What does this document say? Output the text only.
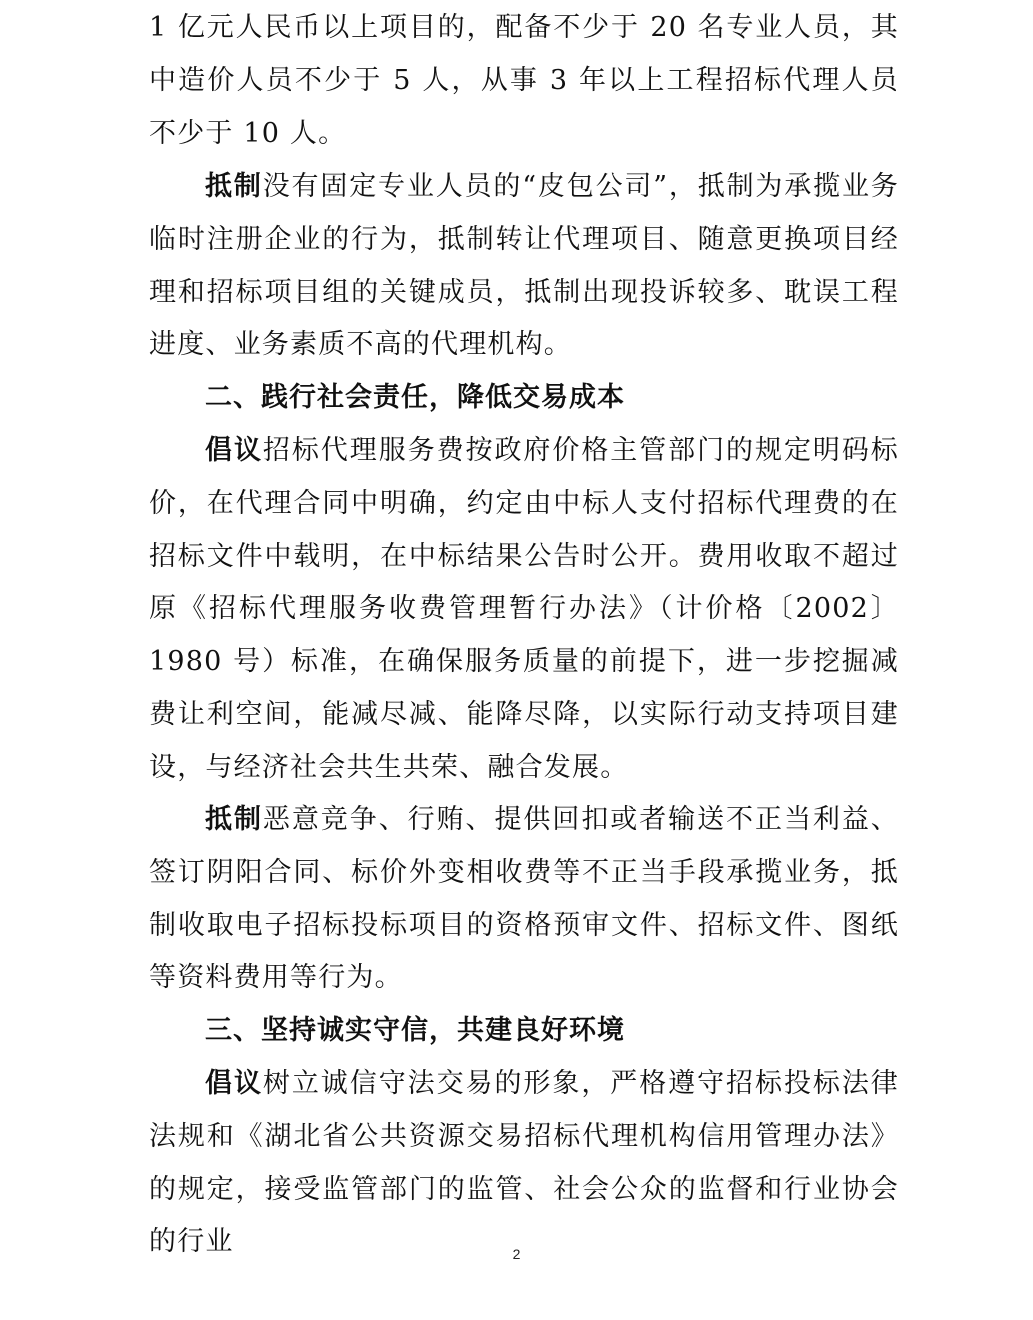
1 亿元人民币以上项目的，配备不少于 20 名专业人员，其中造价人员不少于 5 人，从事 3 年以上工程招标代理人员不少于 10 人。

抵制没有固定专业人员的“皮包公司”，抵制为承揽业务临时注册企业的行为，抵制转让代理项目、随意更换项目经理和招标项目组的关键成员，抵制出现投诉较多、耽误工程进度、业务素质不高的代理机构。

二、践行社会责任，降低交易成本

倡议招标代理服务费按政府价格主管部门的规定明码标价，在代理合同中明确，约定由中标人支付招标代理费的在招标文件中载明，在中标结果公告时公开。费用收取不超过原《招标代理服务收费管理暂行办法》（计价格〔2002〕1980 号）标准，在确保服务质量的前提下，进一步挖掘减费让利空间，能减尽减、能降尽降，以实际行动支持项目建设，与经济社会共生共荣、融合发展。

抵制恶意竞争、行贿、提供回扣或者输送不正当利益、签订阴阳合同、标价外变相收费等不正当手段承揽业务，抵制收取电子招标投标项目的资格预审文件、招标文件、图纸等资料费用等行为。

三、坚持诚实守信，共建良好环境

倡议树立诚信守法交易的形象，严格遵守招标投标法律法规和《湖北省公共资源交易招标代理机构信用管理办法》的规定，接受监管部门的监管、社会公众的监督和行业协会的行业	2
